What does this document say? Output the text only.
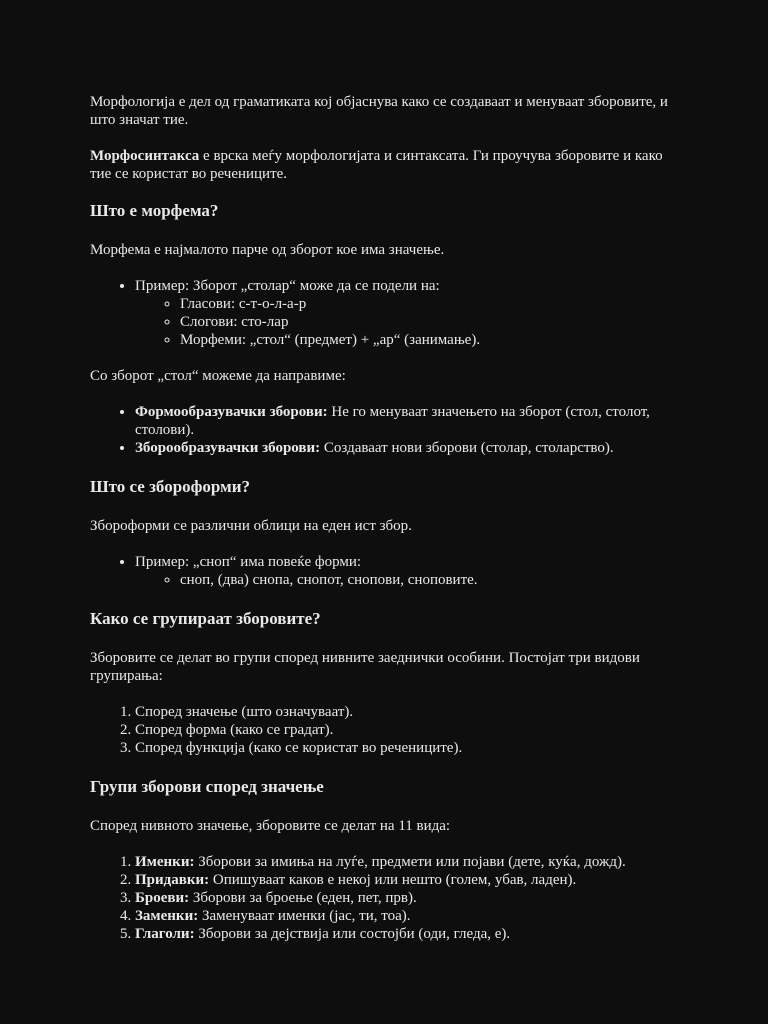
Морфологија е дел од граматиката кој објаснува како се создаваат и менуваат зборовите, и што значат тие.

Морфосинтакса е врска меѓу морфологијата и синтаксата. Ги проучува зборовите и како тие се користат во речениците.

Што е морфема?

Морфема е најмалото парче од зборот кое има значење.

• Пример: Зборот „столар“ може да се подели на:
◦ Гласови: с-т-о-л-а-р
◦ Слогови: сто-лар
◦ Морфеми: „стол“ (предмет) + „ар“ (занимање).

Со зборот „стол“ можеме да направиме:

• Формообразувачки зборови: Не го менуваат значењето на зборот (стол, столот, столови).
• Зборообразувачки зборови: Создаваат нови зборови (столар, столарство).
Што се зборoформи?

Зборoформи се различни облици на еден ист збор.

• Пример: „сноп“ има повеќе форми:
◦ сноп, (два) снопа, снопот, снопови, сноповите.
Како се групираат зборовите?

Зборовите се делат во групи според нивните заеднички особини. Постојат три видови групирања:

1. Според значење (што означуваат).
2. Според форма (како се градат).
3. Според функција (како се користат во речениците).
Групи зборови според значење

Според нивното значење, зборовите се делат на 11 вида:

1. Именки: Зборови за имиња на луѓе, предмети или појави (дете, куќа, дожд).
2. Придавки: Опишуваат каков е некој или нешто (голем, убав, ладен).
3. Броеви: Зборови за броење (еден, пет, прв).
4. Заменки: Заменуваат именки (јас, ти, тоа).
5. Глаголи: Зборови за дејствија или состојби (оди, гледа, е).
